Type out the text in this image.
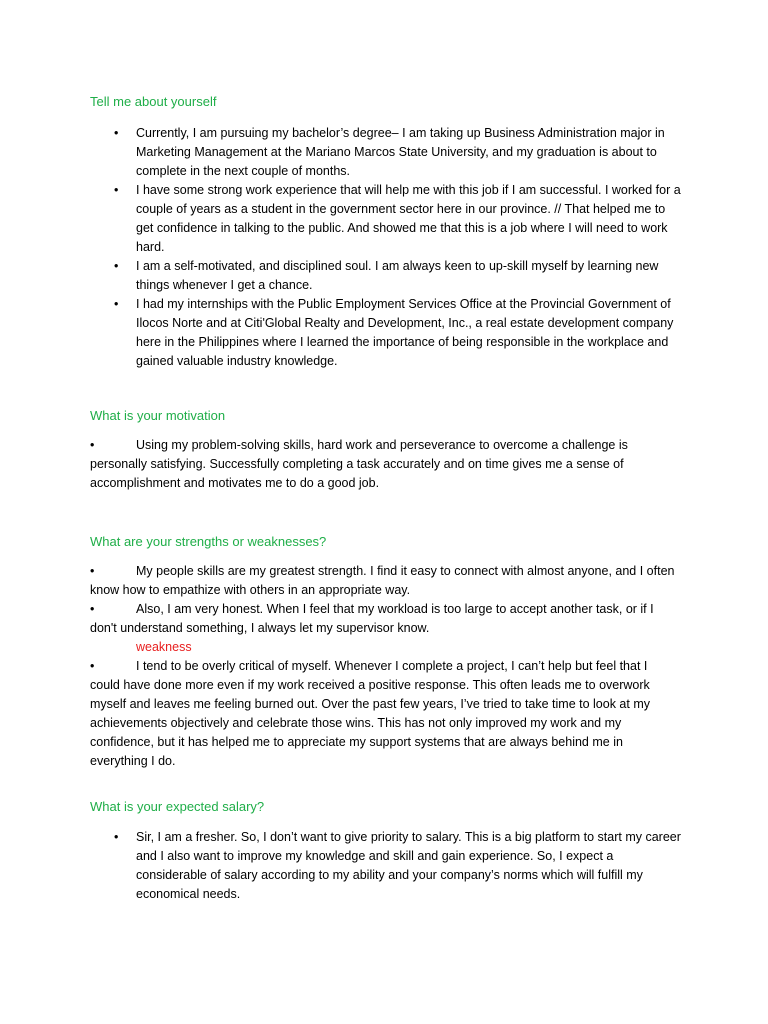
Tell me about yourself
• Currently, I am pursuing my bachelor’s degree– I am taking up Business Administration major in Marketing Management at the Mariano Marcos State University, and my graduation is about to complete in the next couple of months.
• I have some strong work experience that will help me with this job if I am successful. I worked for a couple of years as a student in the government sector here in our province. // That helped me to get confidence in talking to the public. And showed me that this is a job where I will need to work hard.
• I am a self-motivated, and disciplined soul. I am always keen to up-skill myself by learning new things whenever I get a chance.
• I had my internships with the Public Employment Services Office at the Provincial Government of Ilocos Norte and at Citi'Global Realty and Development, Inc., a real estate development company here in the Philippines where I learned the importance of being responsible in the workplace and gained valuable industry knowledge.
What is your motivation
•	Using my problem-solving skills, hard work and perseverance to overcome a challenge is personally satisfying. Successfully completing a task accurately and on time gives me a sense of accomplishment and motivates me to do a good job.
What are your strengths or weaknesses?
•	My people skills are my greatest strength. I find it easy to connect with almost anyone, and I often know how to empathize with others in an appropriate way.
•	Also, I am very honest. When I feel that my workload is too large to accept another task, or if I don't understand something, I always let my supervisor know.
weakness
•	I tend to be overly critical of myself. Whenever I complete a project, I can’t help but feel that I could have done more even if my work received a positive response. This often leads me to overwork myself and leaves me feeling burned out. Over the past few years, I’ve tried to take time to look at my achievements objectively and celebrate those wins. This has not only improved my work and my confidence, but it has helped me to appreciate my support systems that are always behind me in everything I do.
What is your expected salary?
• Sir, I am a fresher. So, I don’t want to give priority to salary. This is a big platform to start my career and I also want to improve my knowledge and skill and gain experience. So, I expect a considerable of salary according to my ability and your company’s norms which will fulfill my economical needs.
